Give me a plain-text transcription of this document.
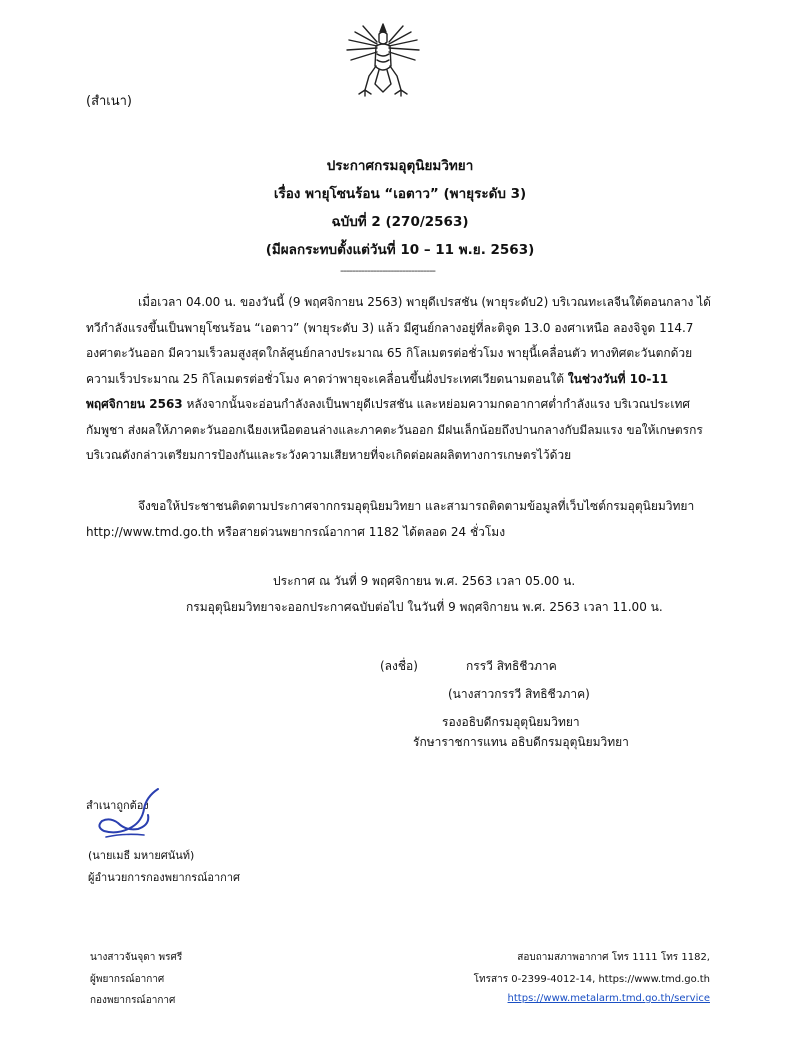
(สำเนา)
ประกาศกรมอุตุนิยมวิทยา
เรื่อง พายุโซนร้อน “เอตาว” (พายุระดับ 3)
ฉบับที่ 2 (270/2563)
(มีผลกระทบตั้งแต่วันที่ 10 – 11 พ.ย. 2563)
--------------------------------
เมื่อเวลา 04.00 น. ของวันนี้ (9 พฤศจิกายน 2563) พายุดีเปรสชัน (พายุระดับ2) บริเวณทะเลจีนใต้ตอนกลาง ได้ทวีกำลังแรงขึ้นเป็นพายุโซนร้อน “เอตาว” (พายุระดับ 3) แล้ว มีศูนย์กลางอยู่ที่ละติจูด 13.0 องศาเหนือ ลองจิจูด 114.7 องศาตะวันออก มีความเร็วลมสูงสุดใกล้ศูนย์กลางประมาณ 65 กิโลเมตรต่อชั่วโมง พายุนี้เคลื่อนตัว ทางทิศตะวันตกด้วยความเร็วประมาณ 25 กิโลเมตรต่อชั่วโมง คาดว่าพายุจะเคลื่อนขึ้นฝั่งประเทศเวียดนามตอนใต้ ในช่วงวันที่ 10-11 พฤศจิกายน 2563 หลังจากนั้นจะอ่อนกำลังลงเป็นพายุดีเปรสชัน และหย่อมความกดอากาศต่ำกำลังแรง บริเวณประเทศกัมพูชา ส่งผลให้ภาคตะวันออกเฉียงเหนือตอนล่างและภาคตะวันออก มีฝนเล็กน้อยถึงปานกลางกับมีลมแรง ขอให้เกษตรกรบริเวณดังกล่าวเตรียมการป้องกันและระวังความเสียหายที่จะเกิดต่อผลผลิตทางการเกษตรไว้ด้วย
จึงขอให้ประชาชนติดตามประกาศจากกรมอุตุนิยมวิทยา และสามารถติดตามข้อมูลที่เว็บไซต์กรมอุตุนิยมวิทยา http://www.tmd.go.th หรือสายด่วนพยากรณ์อากาศ 1182 ได้ตลอด 24 ชั่วโมง
ประกาศ ณ วันที่ 9 พฤศจิกายน พ.ศ. 2563 เวลา 05.00 น.
กรมอุตุนิยมวิทยาจะออกประกาศฉบับต่อไป ในวันที่ 9 พฤศจิกายน พ.ศ. 2563 เวลา 11.00 น.
(ลงชื่อ)	กรรวี สิทธิชีวภาค
(นางสาวกรรวี สิทธิชีวภาค)
รองอธิบดีกรมอุตุนิยมวิทยา
รักษาราชการแทน อธิบดีกรมอุตุนิยมวิทยา
สำเนาถูกต้อง
(นายเมธี มหายศนันท์)
ผู้อำนวยการกองพยากรณ์อากาศ
นางสาวจันจุดา พรศรี
ผู้พยากรณ์อากาศ
กองพยากรณ์อากาศ
สอบถามสภาพอากาศ โทร 1111 โทร 1182,
โทรสาร 0-2399-4012-14, https://www.tmd.go.th
https://www.metalarm.tmd.go.th/service
